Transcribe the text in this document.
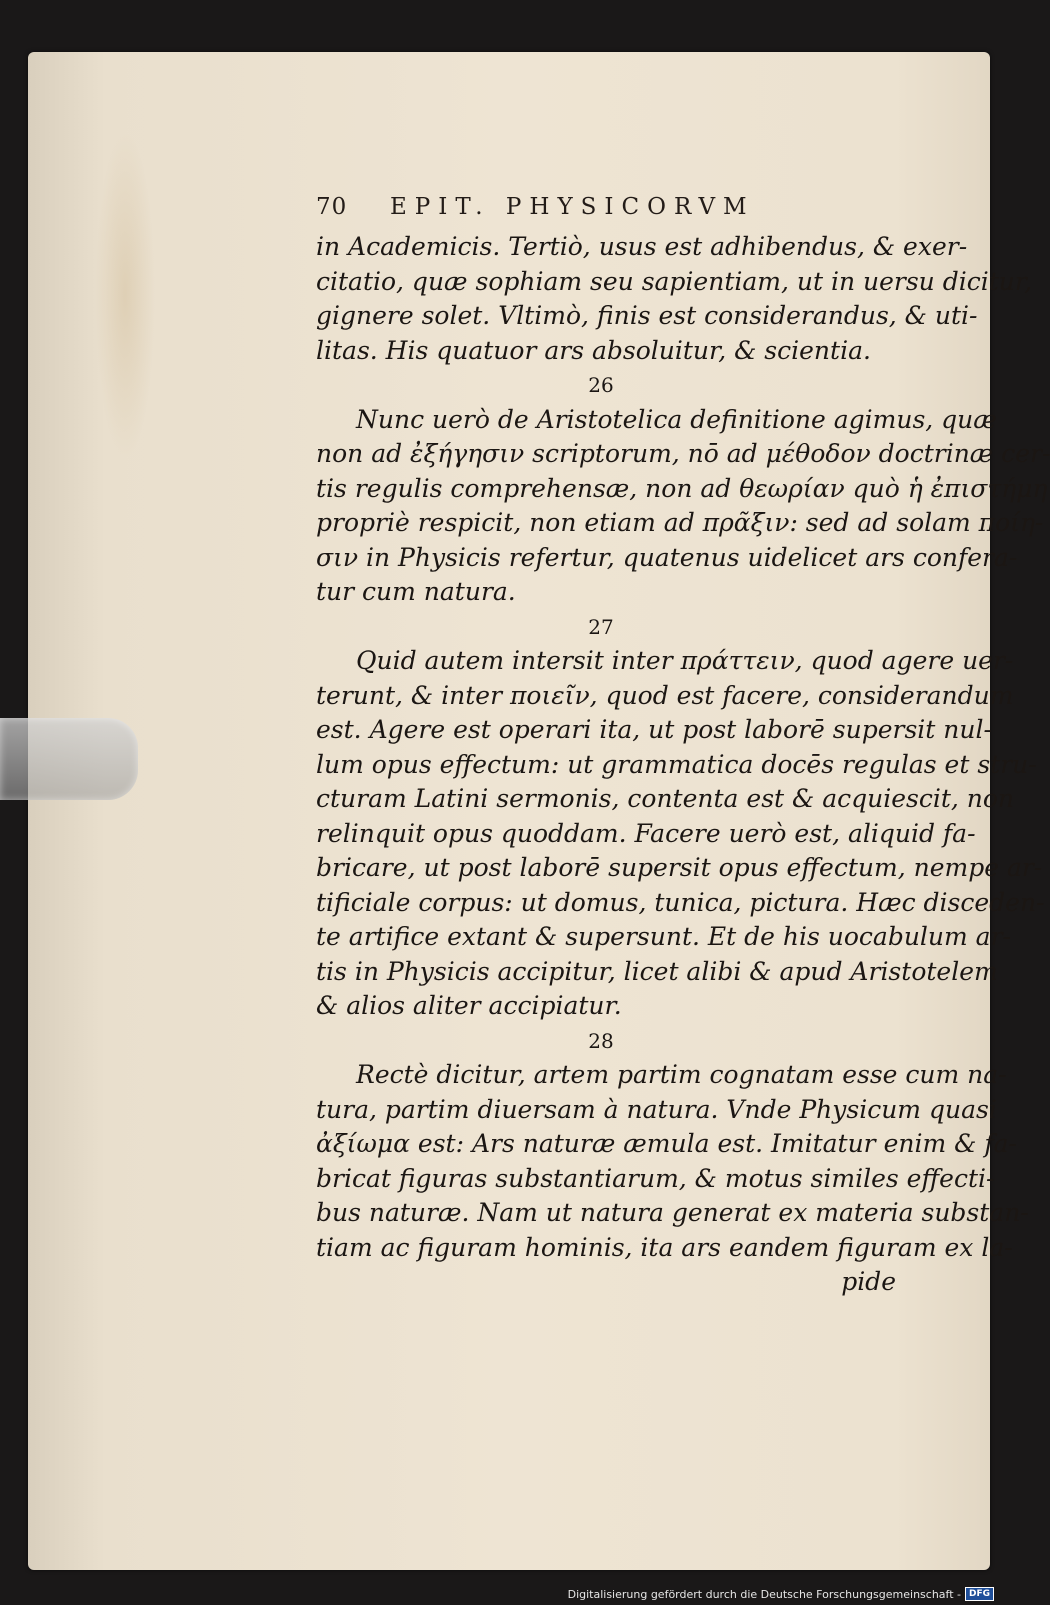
70	EPIT. PHYSICORVM
in Academicis. Tertiò, usus est adhibendus, & exer-
citatio, quæ sophiam seu sapientiam, ut in uersu dicitur,
gignere solet. Vltimò, finis est considerandus, & uti-
litas. His quatuor ars absoluitur, & scientia.
26
Nunc uerò de Aristotelica definitione agimus, quæ
non ad ἐξήγησιν scriptorum, nō ad μέθοδον doctrinæ cer-
tis regulis comprehensæ, non ad θεωρίαν quò ἡ ἐπιστήμη
propriè respicit, non etiam ad πρᾶξιν: sed ad solam ποίη-
σιν in Physicis refertur, quatenus uidelicet ars confera-
tur cum natura.
27
Quid autem intersit inter πράττειν, quod agere uer-
terunt, & inter ποιεῖν, quod est facere, considerandum
est. Agere est operari ita, ut post laborē supersit nul-
lum opus effectum: ut grammatica docēs regulas et stru-
cturam Latini sermonis, contenta est & acquiescit, non
relinquit opus quoddam. Facere uerò est, aliquid fa-
bricare, ut post laborē supersit opus effectum, nempe ar-
tificiale corpus: ut domus, tunica, pictura. Hæc disceden-
te artifice extant & supersunt. Et de his uocabulum ar-
tis in Physicis accipitur, licet alibi & apud Aristotelem
& alios aliter accipiatur.
28
Rectè dicitur, artem partim cognatam esse cum na-
tura, partim diuersam à natura. Vnde Physicum quasi
ἀξίωμα est: Ars naturæ æmula est. Imitatur enim & fa-
bricat figuras substantiarum, & motus similes effecti-
bus naturæ. Nam ut natura generat ex materia substan-
tiam ac figuram hominis, ita ars eandem figuram ex la-
pide
Digitalisierung gefördert durch die Deutsche Forschungsgemeinschaft - DFG
